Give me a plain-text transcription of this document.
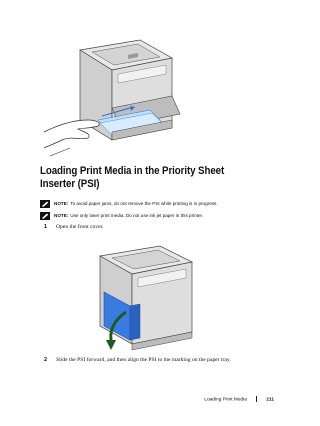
Loading Print Media in the Priority Sheet Inserter (PSI)
NOTE: To avoid paper jams, do not remove the PSI while printing is in progress.
NOTE: Use only laser print media. Do not use ink jet paper in this printer.
1	Open the front cover.
2	Slide the PSI forward, and then align the PSI to the marking on the paper tray.
Loading Print Media	211
